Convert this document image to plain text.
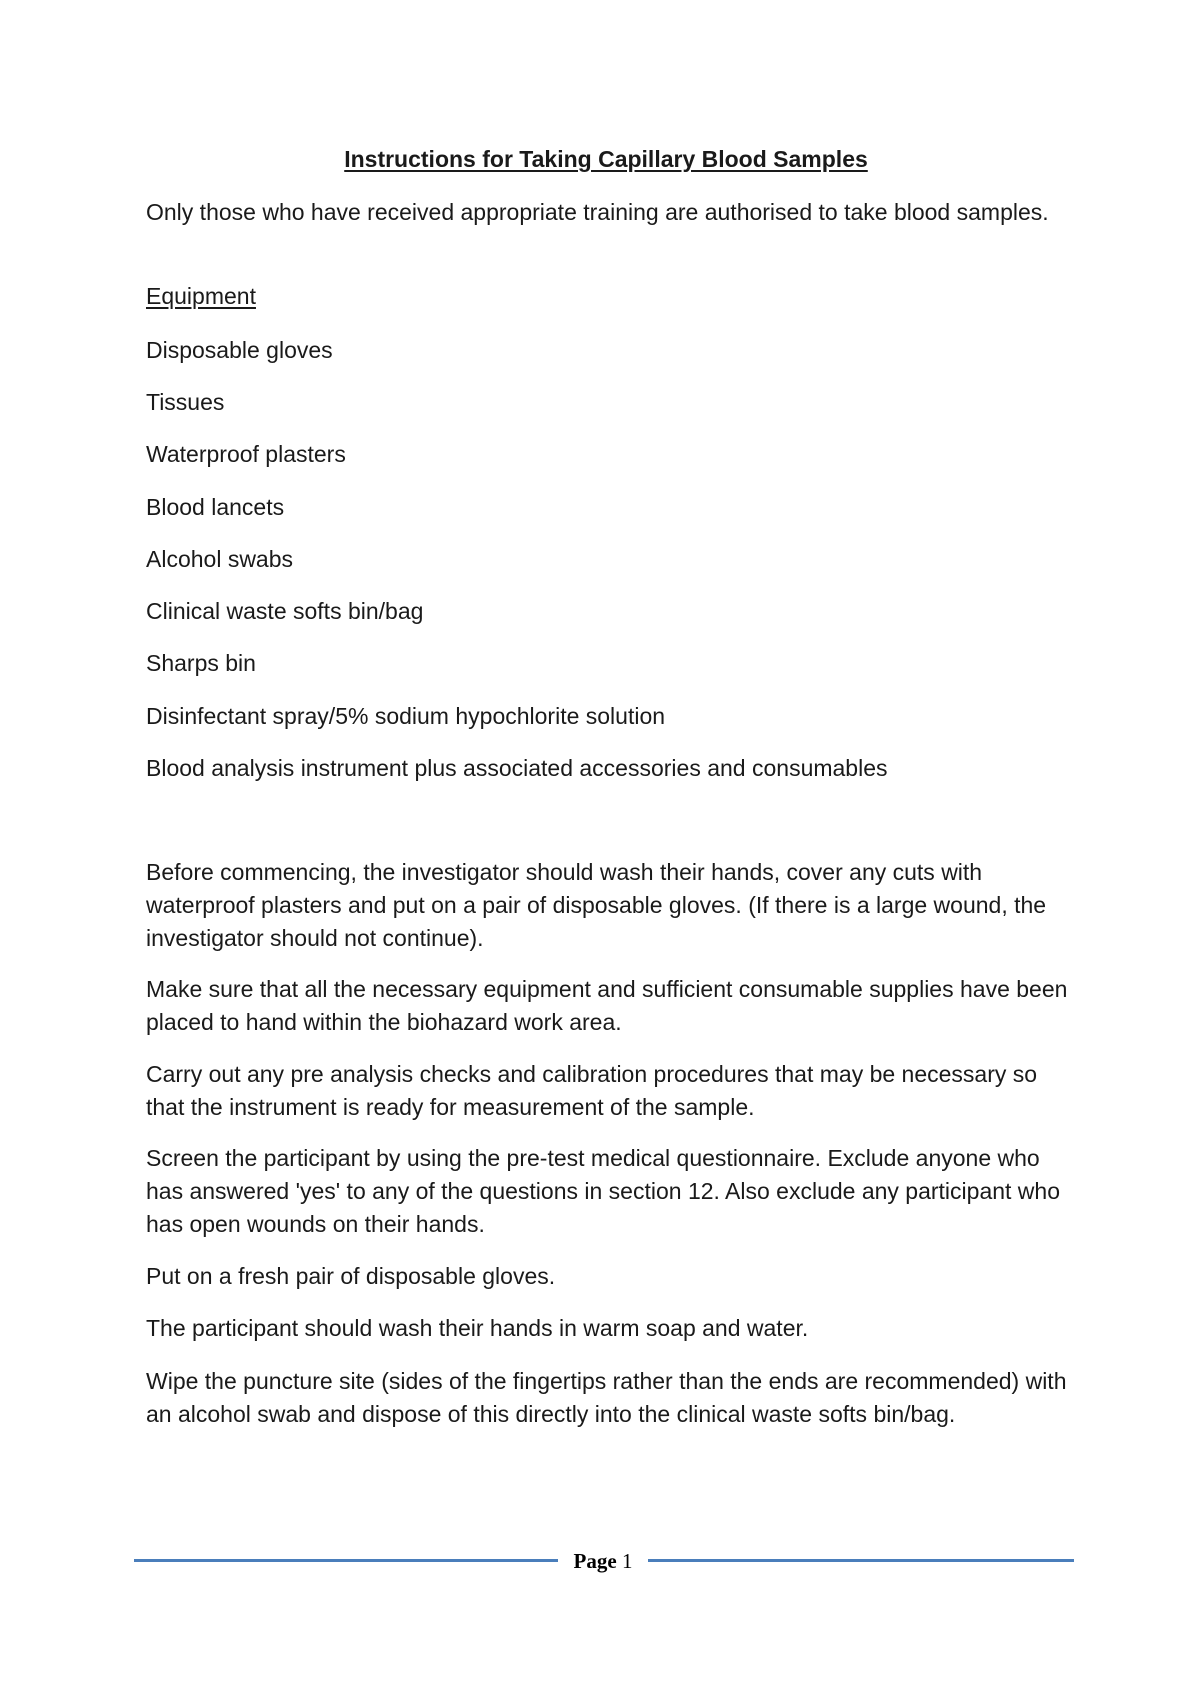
Instructions for Taking Capillary Blood Samples

Only those who have received appropriate training are authorised to take blood samples.

Equipment

Disposable gloves

Tissues

Waterproof plasters

Blood lancets

Alcohol swabs

Clinical waste softs bin/bag

Sharps bin

Disinfectant spray/5% sodium hypochlorite solution

Blood analysis instrument plus associated accessories and consumables

Before commencing, the investigator should wash their hands, cover any cuts with waterproof plasters and put on a pair of disposable gloves. (If there is a large wound, the investigator should not continue).

Make sure that all the necessary equipment and sufficient consumable supplies have been placed to hand within the biohazard work area.

Carry out any pre analysis checks and calibration procedures that may be necessary so that the instrument is ready for measurement of the sample.

Screen the participant by using the pre-test medical questionnaire. Exclude anyone who has answered 'yes' to any of the questions in section 12. Also exclude any participant who has open wounds on their hands.

Put on a fresh pair of disposable gloves.

The participant should wash their hands in warm soap and water.

Wipe the puncture site (sides of the fingertips rather than the ends are recommended) with an alcohol swab and dispose of this directly into the clinical waste softs bin/bag.

Page 1
